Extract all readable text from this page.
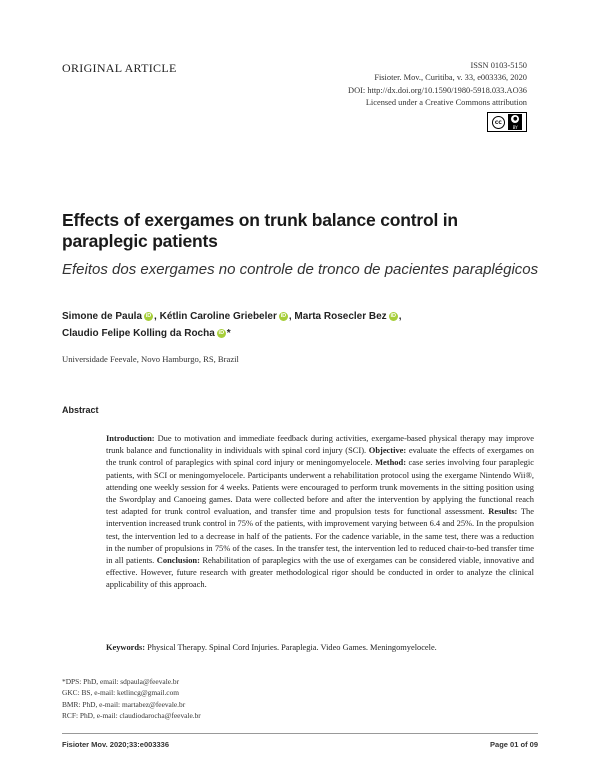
ORIGINAL ARTICLE	ISSN 0103-5150
Fisioter. Mov., Curitiba, v. 33, e003336, 2020
DOI: http://dx.doi.org/10.1590/1980-5918.033.AO36
Licensed under a Creative Commons attribution
cc	●
BY
Effects of exergames on trunk balance control in paraplegic patients
Efeitos dos exergames no controle de tronco de pacientes paraplégicos
Simone de Paula iD , Kétlin Caroline Griebeler iD , Marta Rosecler Bez iD ,
Claudio Felipe Kolling da Rocha iD *
Universidade Feevale, Novo Hamburgo, RS, Brazil
Abstract
Introduction: Due to motivation and immediate feedback during activities, exergame-based physical therapy may improve trunk balance and functionality in individuals with spinal cord injury (SCI). Objective: evaluate the effects of exergames on the trunk control of paraplegics with spinal cord injury or meningomyelocele. Method: case series involving four paraplegic patients, with SCI or meningomyelocele. Participants underwent a rehabilitation protocol using the exergame Nintendo Wii®, attending one weekly session for 4 weeks. Patients were encouraged to perform trunk movements in the sitting position using the Swordplay and Canoeing games. Data were collected before and after the intervention by applying the functional reach test adapted for trunk control evaluation, and transfer time and propulsion tests for functional assessment. Results: The intervention increased trunk control in 75% of the patients, with improvement varying between 6.4 and 25%. In the propulsion test, the intervention led to a decrease in half of the patients. For the cadence variable, in the same test, there was a reduction in the number of propulsions in 75% of the cases. In the transfer test, the intervention led to reduced chair-to-bed transfer time in all patients. Conclusion: Rehabilitation of paraplegics with the use of exergames can be considered viable, innovative and effective. However, future research with greater methodological rigor should be conducted in order to analyze the clinical applicability of this approach.
Keywords: Physical Therapy. Spinal Cord Injuries. Paraplegia. Video Games. Meningomyelocele.
*DPS: PhD, email: sdpaula@feevale.br
GKC: BS, e-mail: ketlincg@gmail.com
BMR: PhD, e-mail: martabez@feevale.br
RCF: PhD, e-mail: claudiodarocha@feevale.br
Fisioter Mov. 2020;33:e003336	Page 01 of 09
